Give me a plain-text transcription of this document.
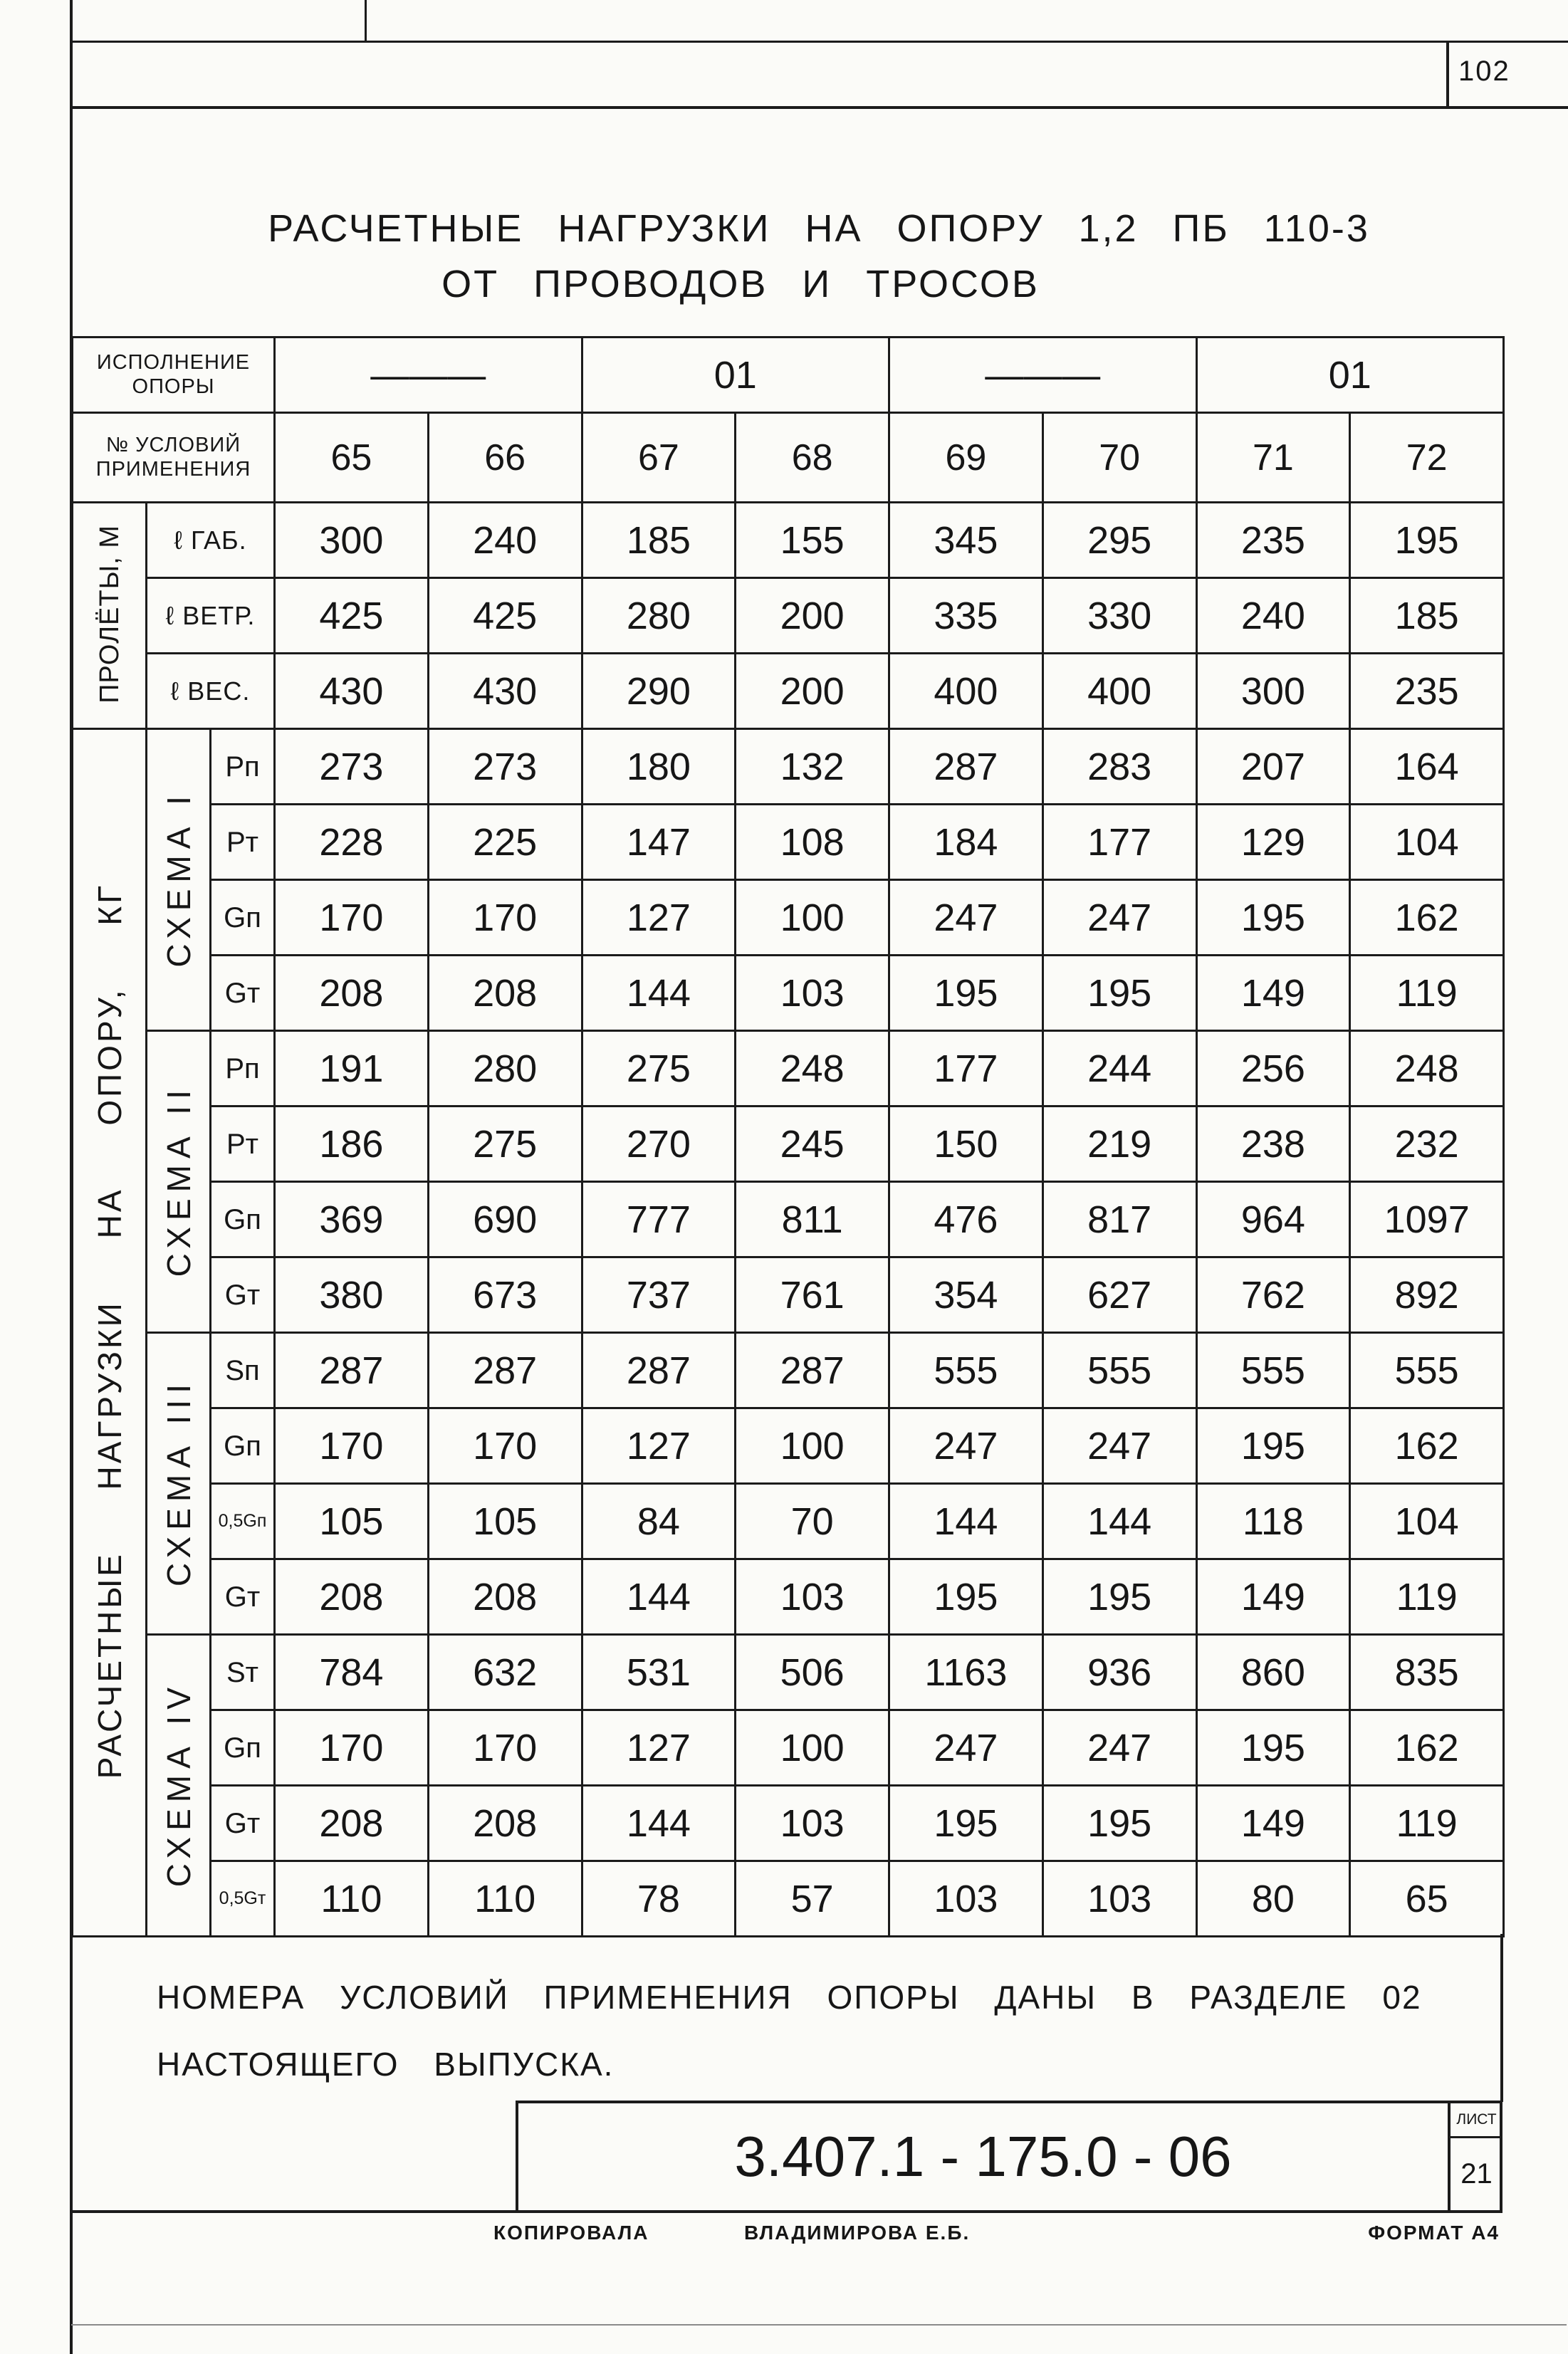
102
РАСЧЕТНЫЕ НАГРУЗКИ НА ОПОРУ 1,2 ПБ 110-3
ОТ ПРОВОДОВ И ТРОСОВ
ИСПОЛНЕНИЕ
ОПОРЫ			———		01		———		01	
№ УСЛОВИЙ
ПРИМЕНЕНИЯ			65	66	67	68	69	70	71	72
ПРОЛЁТЫ, М	ℓ ГАБ.		300	240	185	155	345	295	235	195
	ℓ ВЕТР.		425	425	280	200	335	330	240	185
	ℓ ВЕС.		430	430	290	200	400	400	300	235
РАСЧЕТНЫЕ НАГРУЗКИ НА ОПОРУ, КГ	СХЕМА I	Pп	273	273	180	132	287	283	207	164
		Pт	228	225	147	108	184	177	129	104
		Gп	170	170	127	100	247	247	195	162
		Gт	208	208	144	103	195	195	149	119
	СХЕМА II	Pп	191	280	275	248	177	244	256	248
		Pт	186	275	270	245	150	219	238	232
		Gп	369	690	777	811	476	817	964	1097
		Gт	380	673	737	761	354	627	762	892
	СХЕМА III	Sп	287	287	287	287	555	555	555	555
		Gп	170	170	127	100	247	247	195	162
		0,5Gп	105	105	84	70	144	144	118	104
		Gт	208	208	144	103	195	195	149	119
	СХЕМА IV	Sт	784	632	531	506	1163	936	860	835
		Gп	170	170	127	100	247	247	195	162
		Gт	208	208	144	103	195	195	149	119
		0,5Gт	110	110	78	57	103	103	80	65
НОМЕРА УСЛОВИЙ ПРИМЕНЕНИЯ ОПОРЫ ДАНЫ В РАЗДЕЛЕ 02
НАСТОЯЩЕГО ВЫПУСКА.
3.407.1 - 175.0 - 06
ЛИСТ
21
КОПИРОВАЛА	ВЛАДИМИРОВА Е.Б.	ФОРМАТ А4
